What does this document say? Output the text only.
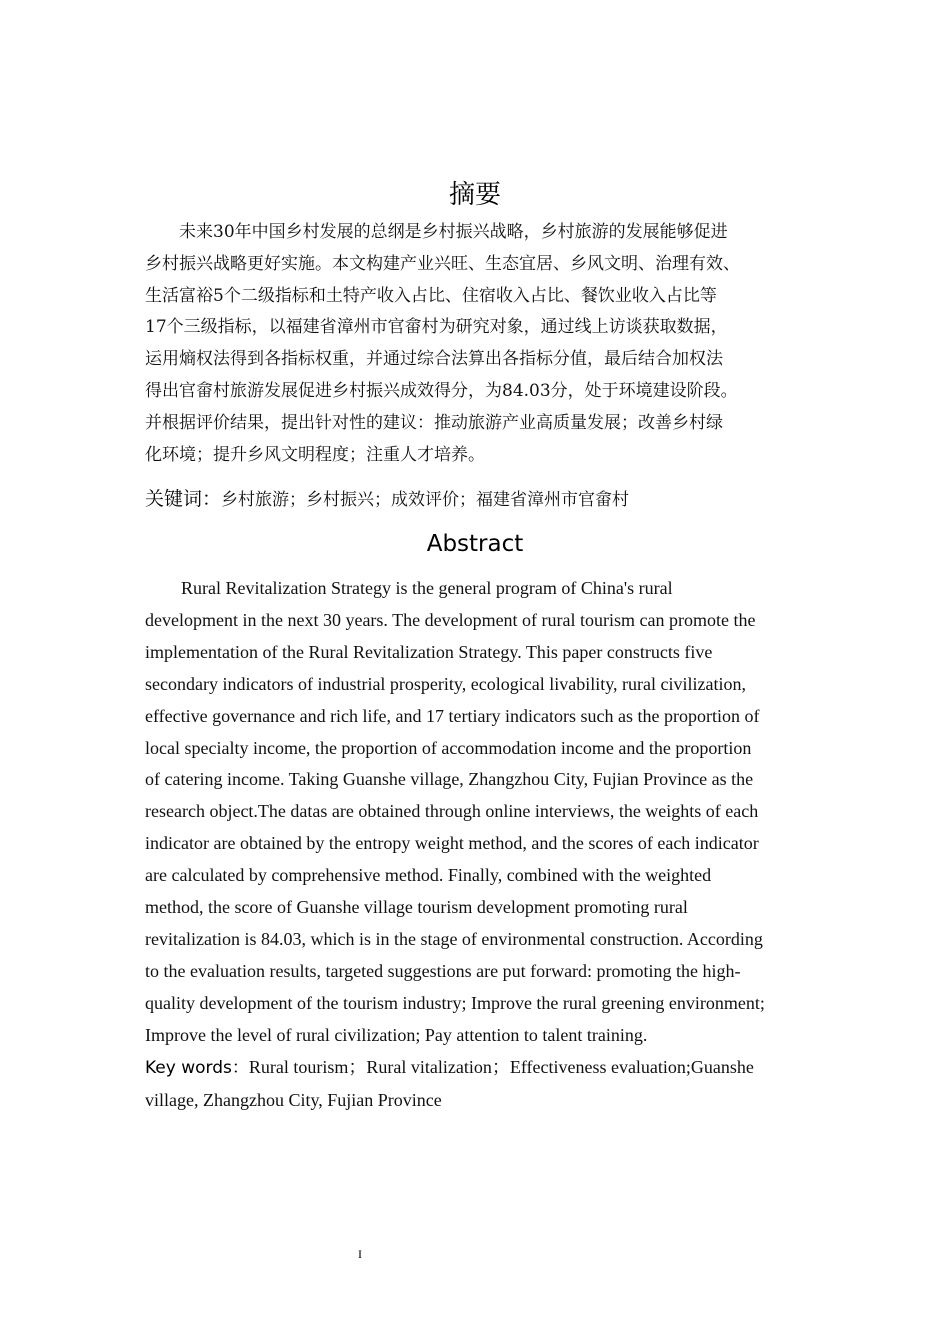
摘要
　　未来30年中国乡村发展的总纲是乡村振兴战略，乡村旅游的发展能够促进
乡村振兴战略更好实施。本文构建产业兴旺、生态宜居、乡风文明、治理有效、
生活富裕5个二级指标和土特产收入占比、住宿收入占比、餐饮业收入占比等
17个三级指标，以福建省漳州市官畲村为研究对象，通过线上访谈获取数据，
运用熵权法得到各指标权重，并通过综合法算出各指标分值，最后结合加权法
得出官畲村旅游发展促进乡村振兴成效得分，为84.03分，处于环境建设阶段。
并根据评价结果，提出针对性的建议：推动旅游产业高质量发展；改善乡村绿
化环境；提升乡风文明程度；注重人才培养。
关键词：乡村旅游；乡村振兴；成效评价；福建省漳州市官畲村
Abstract
　　Rural Revitalization Strategy is the general program of China's rural
development in the next 30 years. The development of rural tourism can promote the
implementation of the Rural Revitalization Strategy. This paper constructs five
secondary indicators of industrial prosperity, ecological livability, rural civilization,
effective governance and rich life, and 17 tertiary indicators such as the proportion of
local specialty income, the proportion of accommodation income and the proportion
of catering income. Taking Guanshe village, Zhangzhou City, Fujian Province as the
research object.The datas are obtained through online interviews, the weights of each
indicator are obtained by the entropy weight method, and the scores of each indicator
are calculated by comprehensive method. Finally, combined with the weighted
method, the score of Guanshe village tourism development promoting rural
revitalization is 84.03, which is in the stage of environmental construction. According
to the evaluation results, targeted suggestions are put forward: promoting the high-
quality development of the tourism industry; Improve the rural greening environment;
Improve the level of rural civilization; Pay attention to talent training.
Key words：Rural tourism；Rural vitalization；Effectiveness evaluation;Guanshe
village, Zhangzhou City, Fujian Province
I
